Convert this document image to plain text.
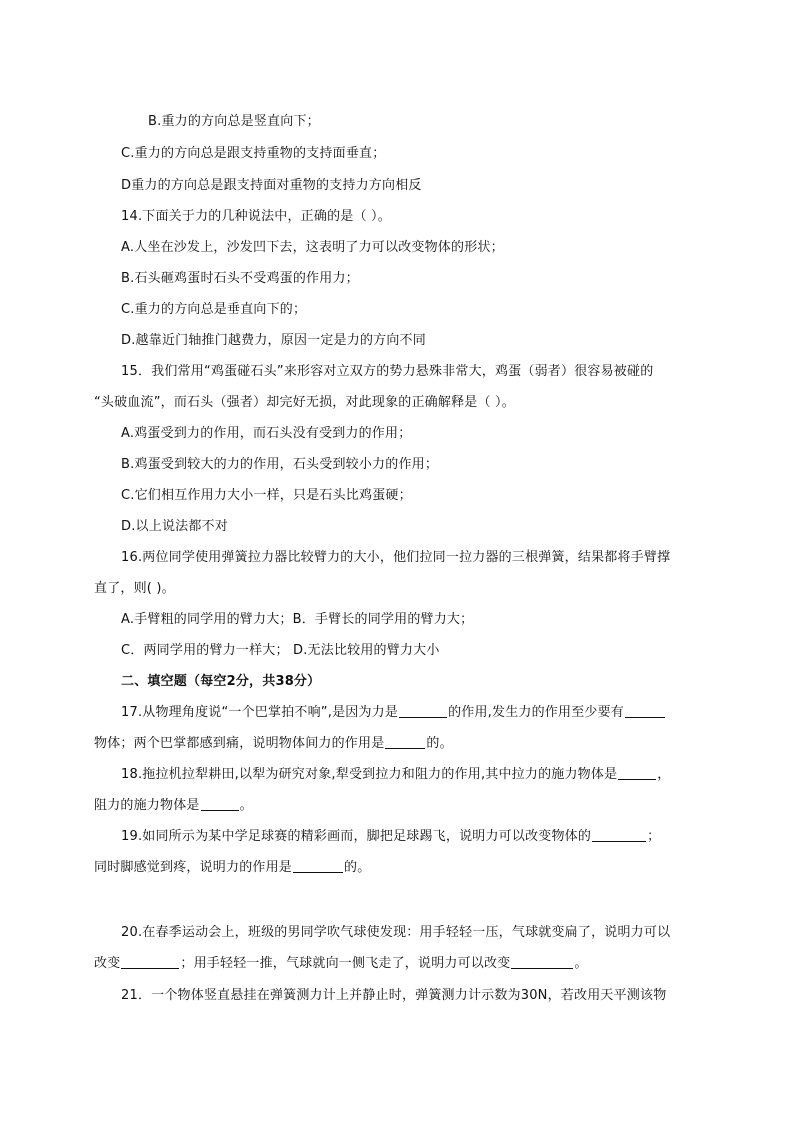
B.重力的方向总是竖直向下；
C.重力的方向总是跟支持重物的支持面垂直；
D重力的方向总是跟支持面对重物的支持力方向相反
14.下面关于力的几种说法中，正确的是（ ）。
A.人坐在沙发上，沙发凹下去，这表明了力可以改变物体的形状；
B.石头砸鸡蛋时石头不受鸡蛋的作用力；
C.重力的方向总是垂直向下的；
D.越靠近门轴推门越费力，原因一定是力的方向不同
15．我们常用“鸡蛋碰石头”来形容对立双方的势力悬殊非常大，鸡蛋（弱者）很容易被碰的
“头破血流”，而石头（强者）却完好无损，对此现象的正确解释是（ ）。
A.鸡蛋受到力的作用，而石头没有受到力的作用；
B.鸡蛋受到较大的力的作用，石头受到较小力的作用；
C.它们相互作用力大小一样，只是石头比鸡蛋硬；
D.以上说法都不对
16.两位同学使用弹簧拉力器比较臂力的大小，他们拉同一拉力器的三根弹簧，结果都将手臂撑
直了，则( )。
A.手臂粗的同学用的臂力大；B．手臂长的同学用的臂力大；
C．两同学用的臂力一样大； D.无法比较用的臂力大小
二、填空题（每空2分，共38分）
17.从物理角度说“一个巴掌拍不响”,是因为力是	的作用,发生力的作用至少要有
物体；两个巴掌都感到痛，说明物体间力的作用是	的。
18.拖拉机拉犁耕田,以犁为研究对象,犁受到拉力和阻力的作用,其中拉力的施力物体是	，
阻力的施力物体是	。
19.如同所示为某中学足球赛的精彩画而，脚把足球踢飞，说明力可以改变物体的	；
同时脚感觉到疼，说明力的作用是	的。
20.在春季运动会上，班级的男同学吹气球使发现：用手轻轻一压，气球就变扁了，说明力可以
改变	；用手轻轻一推，气球就向一侧飞走了，说明力可以改变	。
21．一个物体竖直悬挂在弹簧测力计上并静止时，弹簧测力计示数为30N，若改用天平测该物
